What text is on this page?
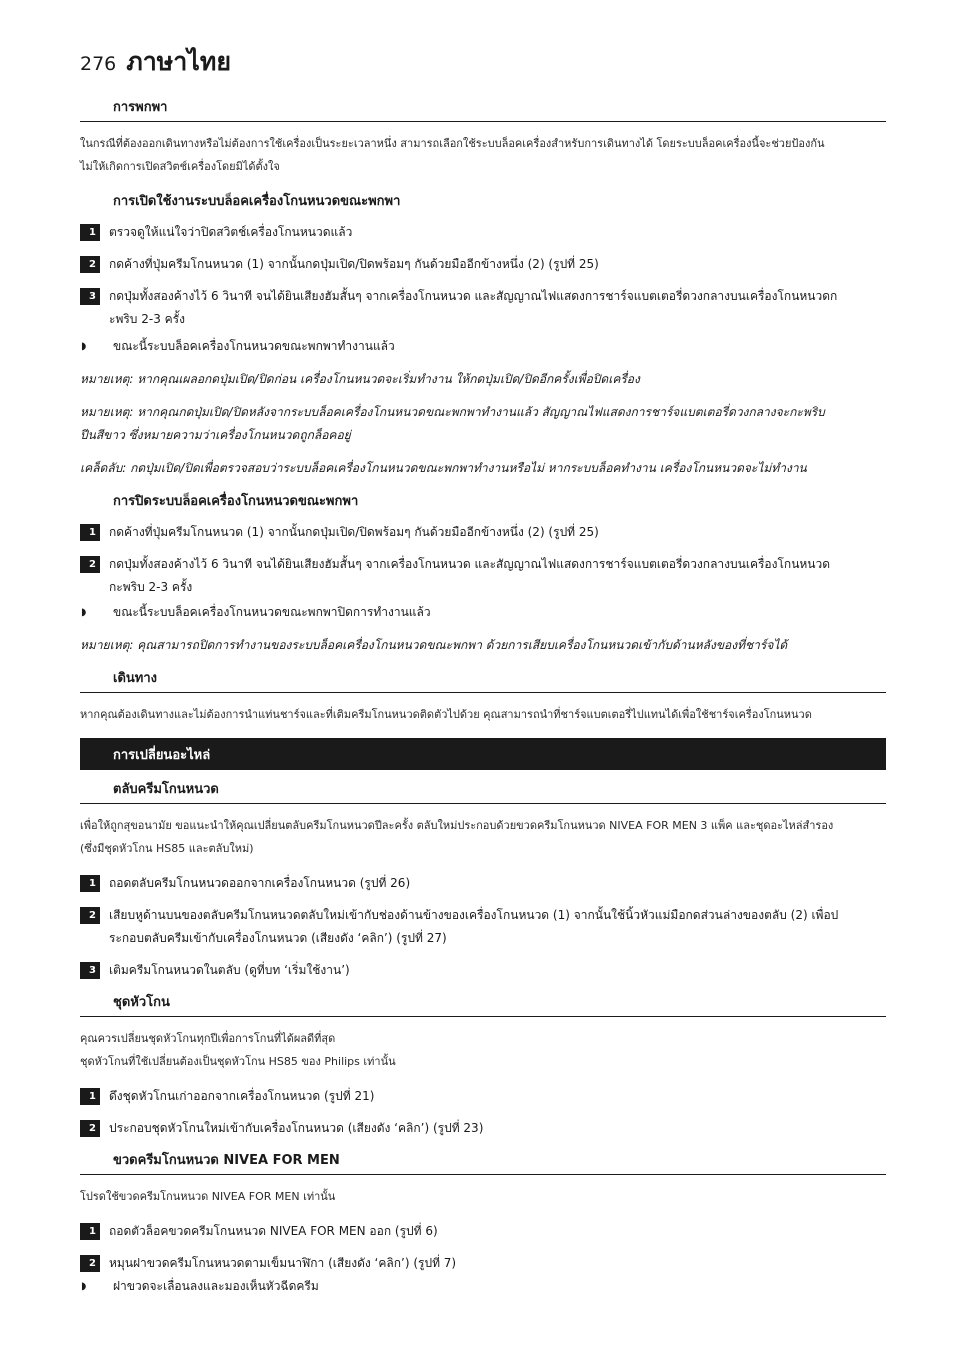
276 ภาษาไทย
การพกพา
ในกรณีที่ต้องออกเดินทางหรือไม่ต้องการใช้เครื่องเป็นระยะเวลาหนึ่ง สามารถเลือกใช้ระบบล็อคเครื่องสำหรับการเดินทางได้ โดยระบบล็อคเครื่องนี้จะช่วยป้องกัน
ไม่ให้เกิดการเปิดสวิตช์เครื่องโดยมิได้ตั้งใจ
การเปิดใช้งานระบบล็อคเครื่องโกนหนวดขณะพกพา
1	ตรวจดูให้แน่ใจว่าปิดสวิตช์เครื่องโกนหนวดแล้ว
2	กดค้างที่ปุ่มครีมโกนหนวด (1) จากนั้นกดปุ่มเปิด/ปิดพร้อมๆ กันด้วยมืออีกข้างหนึ่ง (2) (รูปที่ 25)
3	กดปุ่มทั้งสองค้างไว้ 6 วินาที จนได้ยินเสียงฮัมสั้นๆ จากเครื่องโกนหนวด และสัญญาณไฟแสดงการชาร์จแบตเตอรี่ดวงกลางบนเครื่องโกนหนวดก
ะพริบ 2-3 ครั้ง
◗	ขณะนี้ระบบล็อคเครื่องโกนหนวดขณะพกพาทำงานแล้ว
หมายเหตุ: หากคุณเผลอกดปุ่มเปิด/ปิดก่อน เครื่องโกนหนวดจะเริ่มทำงาน ให้กดปุ่มเปิด/ปิดอีกครั้งเพื่อปิดเครื่อง
หมายเหตุ: หากคุณกดปุ่มเปิด/ปิดหลังจากระบบล็อคเครื่องโกนหนวดขณะพกพาทำงานแล้ว สัญญาณไฟแสดงการชาร์จแบตเตอรี่ดวงกลางจะกะพริบ
ปีนสีขาว ซึ่งหมายความว่าเครื่องโกนหนวดถูกล็อคอยู่
เคล็ดลับ: กดปุ่มเปิด/ปิดเพื่อตรวจสอบว่าระบบล็อคเครื่องโกนหนวดขณะพกพาทำงานหรือไม่ หากระบบล็อคทำงาน เครื่องโกนหนวดจะไม่ทำงาน
การปิดระบบล็อคเครื่องโกนหนวดขณะพกพา
1	กดค้างที่ปุ่มครีมโกนหนวด (1) จากนั้นกดปุ่มเปิด/ปิดพร้อมๆ กันด้วยมืออีกข้างหนึ่ง (2) (รูปที่ 25)
2	กดปุ่มทั้งสองค้างไว้ 6 วินาที จนได้ยินเสียงฮัมสั้นๆ จากเครื่องโกนหนวด และสัญญาณไฟแสดงการชาร์จแบตเตอรี่ดวงกลางบนเครื่องโกนหนวด
กะพริบ 2-3 ครั้ง
◗	ขณะนี้ระบบล็อคเครื่องโกนหนวดขณะพกพาปิดการทำงานแล้ว
หมายเหตุ: คุณสามารถปิดการทำงานของระบบล็อคเครื่องโกนหนวดขณะพกพา ด้วยการเสียบเครื่องโกนหนวดเข้ากับด้านหลังของที่ชาร์จได้
เดินทาง
หากคุณต้องเดินทางและไม่ต้องการนำแท่นชาร์จและที่เติมครีมโกนหนวดติดตัวไปด้วย คุณสามารถนำที่ชาร์จแบตเตอรี่ไปแทนได้เพื่อใช้ชาร์จเครื่องโกนหนวด
การเปลี่ยนอะไหล่
ตลับครีมโกนหนวด
เพื่อให้ถูกสุขอนามัย ขอแนะนำให้คุณเปลี่ยนตลับครีมโกนหนวดปีละครั้ง ตลับใหม่ประกอบด้วยขวดครีมโกนหนวด NIVEA FOR MEN 3 แพ็ค และชุดอะไหล่สำรอง
(ซึ่งมีชุดหัวโกน HS85 และตลับใหม่)
1	ถอดตลับครีมโกนหนวดออกจากเครื่องโกนหนวด (รูปที่ 26)
2	เสียบหูด้านบนของตลับครีมโกนหนวดตลับใหม่เข้ากับช่องด้านข้างของเครื่องโกนหนวด (1) จากนั้นใช้นิ้วหัวแม่มือกดส่วนล่างของตลับ (2) เพื่อป
ระกอบตลับครีมเข้ากับเครื่องโกนหนวด (เสียงดัง ‘คลิก’) (รูปที่ 27)
3	เติมครีมโกนหนวดในตลับ (ดูที่บท ‘เริ่มใช้งาน’)
ชุดหัวโกน
คุณควรเปลี่ยนชุดหัวโกนทุกปีเพื่อการโกนที่ได้ผลดีที่สุด
ชุดหัวโกนที่ใช้เปลี่ยนต้องเป็นชุดหัวโกน HS85 ของ Philips เท่านั้น
1	ดึงชุดหัวโกนเก่าออกจากเครื่องโกนหนวด (รูปที่ 21)
2	ประกอบชุดหัวโกนใหม่เข้ากับเครื่องโกนหนวด (เสียงดัง ‘คลิก’) (รูปที่ 23)
ขวดครีมโกนหนวด NIVEA FOR MEN
โปรดใช้ขวดครีมโกนหนวด NIVEA FOR MEN เท่านั้น
1	ถอดตัวล็อคขวดครีมโกนหนวด NIVEA FOR MEN ออก (รูปที่ 6)
2	หมุนฝาขวดครีมโกนหนวดตามเข็มนาฬิกา (เสียงดัง ‘คลิก’) (รูปที่ 7)
◗	ฝาขวดจะเลื่อนลงและมองเห็นหัวฉีดครีม
